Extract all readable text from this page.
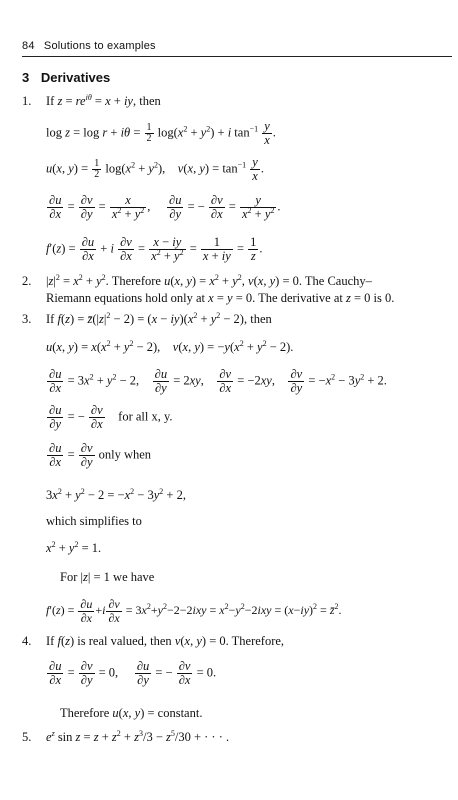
84 Solutions to examples
3 Derivatives
1. If $z = re^{i\theta} = x$ + iy, then
$\log z = \log r + i\theta = \frac{1}{2} \log(x^2 + y^2) + i$ $\tan^{-1} \frac{y}{x}$ .
u(x, $y) = \frac{1}{2} \log(x^2 + y^2)$,    v(x, $y) = \tan^{-1} \frac{y}{x}$ .
$\frac{\partial u}{\partial x} = \frac{\partial v}{\partial y} = \frac{x}{x^2 + y^2}$ , $\frac{\partial u}{\partial y}$ = − $\frac{\partial v}{\partial x} = \frac{y}{x^2 + y^2}$ .
$f'(z) = \frac{\partial u}{\partial x} + i \frac{\partial v}{\partial x} = \frac{x - iy}{x^2 + y^2} = \frac{1}{x + iy} = \frac{1}{z}$ .
2. $|z|^2 = x^2 + y^2$. Therefore u(x, $y) = x^2 + y^2$, v(x, y) = 0. The Cauchy–
Riemann equations hold only at x = y = 0. The derivative at z = 0 is 0.
3. If $f(z) = z̄(|z|^2 - 2) = (x - iy)(x^2 + y^2 - 2)$, then
u(x, $y) = x(x^2 + y^2 - 2)$,    v(x, $y) = -y(x^2 + y^2 - 2)$.
$\frac{\partial u}{\partial x} = 3x^2 + y^2 - 2$, $\frac{\partial u}{\partial y} = 2xy$, $\frac{\partial v}{\partial x} = -2xy$, $\frac{\partial v}{\partial y} = -x^2 - 3y^2 + 2$.
$\frac{\partial u}{\partial y}$ = − $\frac{\partial v}{\partial x}$ for all x, y.
$\frac{\partial u}{\partial x} = \frac{\partial v}{\partial y}$ only when
$3x^2 + y^2 - 2 = -x^2 - 3y^2 + 2$,
which simplifies to
$x^2 + y^2 = 1$.
For |z| = 1 we have
$f'(z) = \frac{\partial u}{\partial x} +i \frac{\partial v}{\partial x} = 3x^2+y^2-2-2ixy = x^2-y^2-2ixy = (x-iy)^2$ = z̄$^2$.
4. If f(z) is real valued, then v(x, y) = 0. Therefore,
$\frac{\partial u}{\partial x} = \frac{\partial v}{\partial y} = 0$, $\frac{\partial u}{\partial y}$ = − $\frac{\partial v}{\partial x} = 0$.
Therefore u(x, y) = constant.
5. $e^z$ $\sin z = z + z^2 + z^3/3 - z^5/30$ + · · · .
